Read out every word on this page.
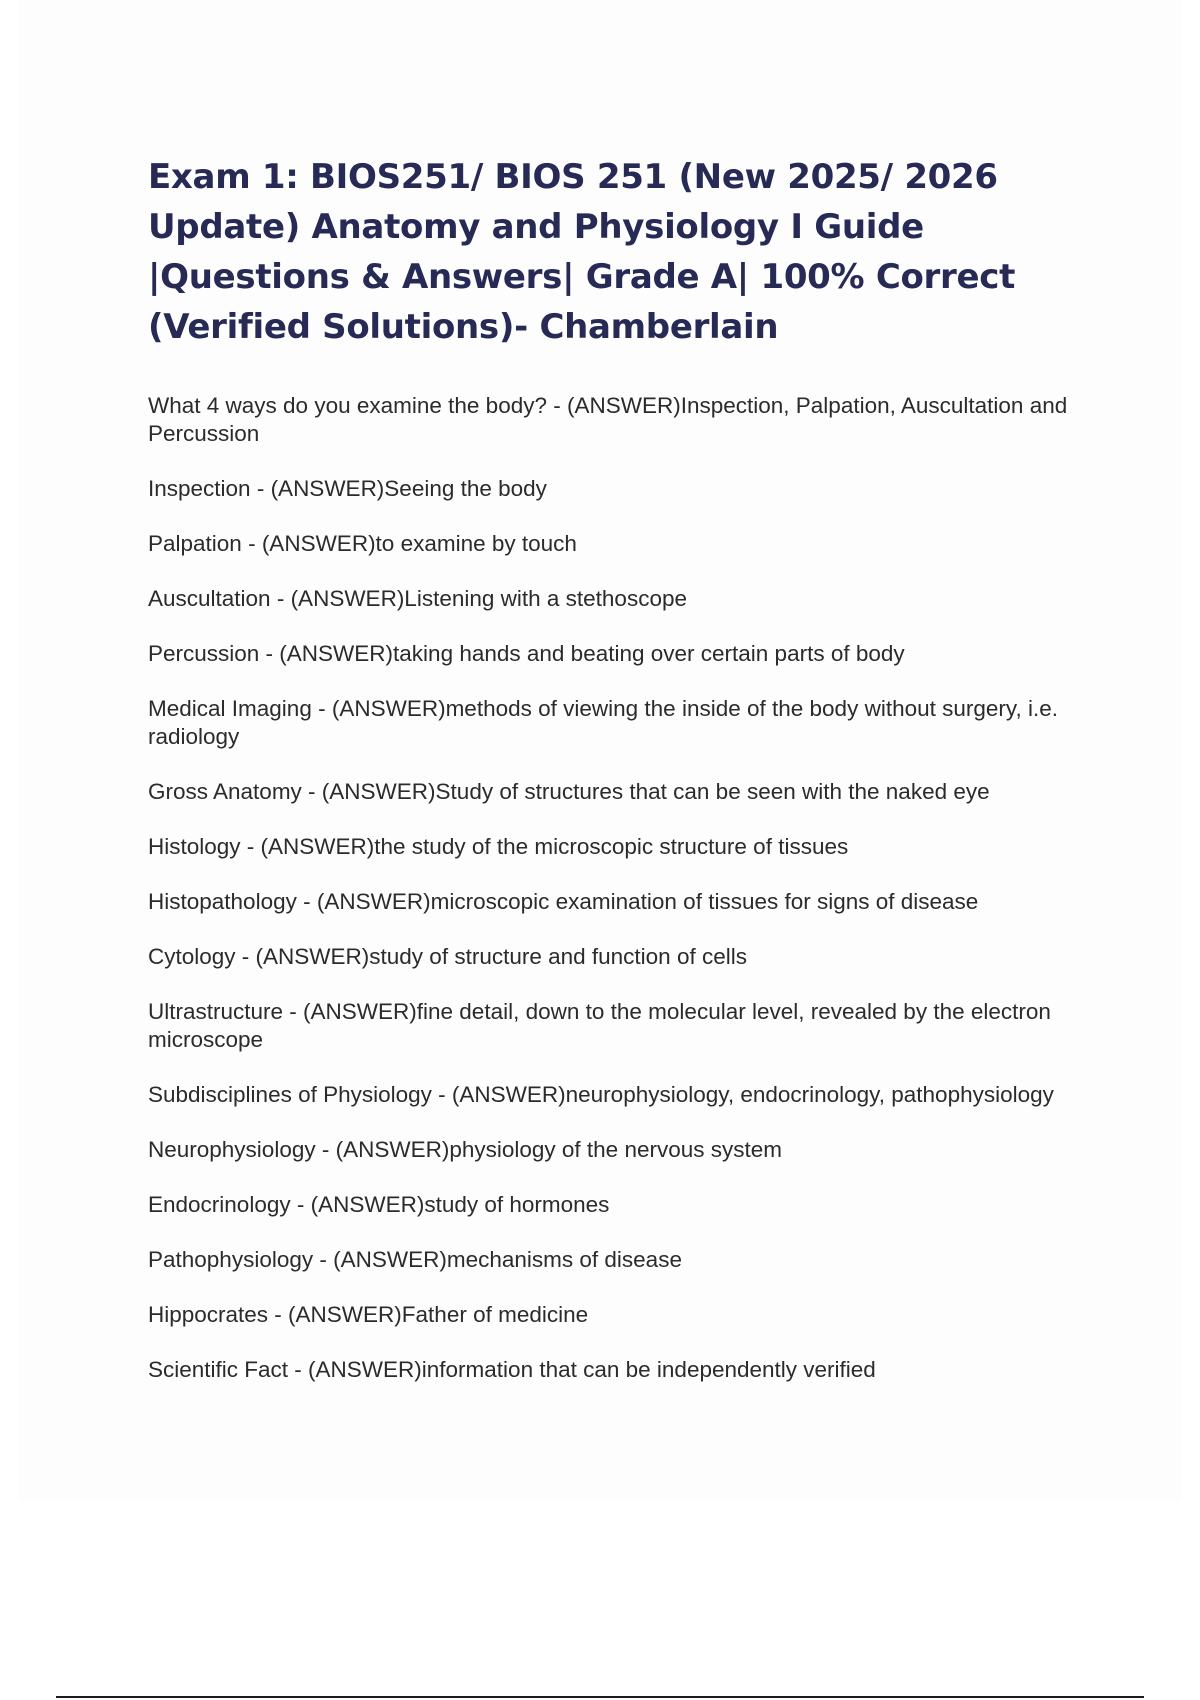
Exam 1: BIOS251/ BIOS 251 (New 2025/ 2026 Update) Anatomy and Physiology I Guide |Questions & Answers| Grade A| 100% Correct (Verified Solutions)- Chamberlain
What 4 ways do you examine the body? - (ANSWER)Inspection, Palpation, Auscultation and Percussion
Inspection - (ANSWER)Seeing the body
Palpation - (ANSWER)to examine by touch
Auscultation - (ANSWER)Listening with a stethoscope
Percussion - (ANSWER)taking hands and beating over certain parts of body
Medical Imaging - (ANSWER)methods of viewing the inside of the body without surgery, i.e. radiology
Gross Anatomy - (ANSWER)Study of structures that can be seen with the naked eye
Histology - (ANSWER)the study of the microscopic structure of tissues
Histopathology - (ANSWER)microscopic examination of tissues for signs of disease
Cytology - (ANSWER)study of structure and function of cells
Ultrastructure - (ANSWER)fine detail, down to the molecular level, revealed by the electron microscope
Subdisciplines of Physiology - (ANSWER)neurophysiology, endocrinology, pathophysiology
Neurophysiology - (ANSWER)physiology of the nervous system
Endocrinology - (ANSWER)study of hormones
Pathophysiology - (ANSWER)mechanisms of disease
Hippocrates - (ANSWER)Father of medicine
Scientific Fact - (ANSWER)information that can be independently verified
